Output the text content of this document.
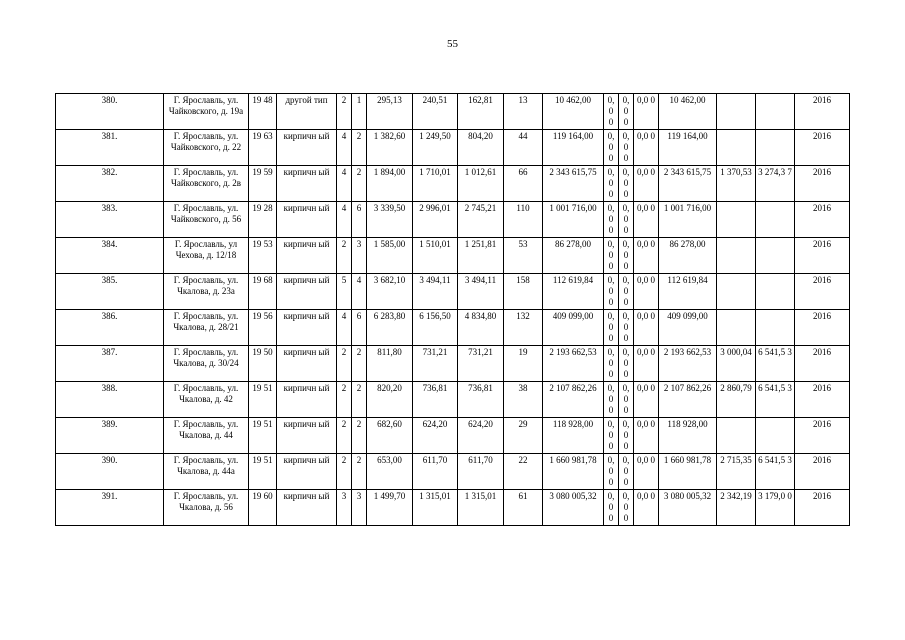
55
380.	Г. Ярославль, ул. Чайковского, д. 19а	19 48	другой тип	2	1	295,13	240,51	162,81	13	10 462,00	0, 0 0	0, 0 0	0,0 0	10 462,00			2016
381.	Г. Ярославль, ул. Чайковского, д. 22	19 63	кирпичн ый	4	2	1 382,60	1 249,50	804,20	44	119 164,00	0, 0 0	0, 0 0	0,0 0	119 164,00			2016
382.	Г. Ярославль, ул. Чайковского, д. 2в	19 59	кирпичн ый	4	2	1 894,00	1 710,01	1 012,61	66	2 343 615,75	0, 0 0	0, 0 0	0,0 0	2 343 615,75	1 370,53	3 274,3 7	2016
383.	Г. Ярославль, ул. Чайковского, д. 56	19 28	кирпичн ый	4	6	3 339,50	2 996,01	2 745,21	110	1 001 716,00	0, 0 0	0, 0 0	0,0 0	1 001 716,00			2016
384.	Г. Ярославль, ул Чехова, д. 12/18	19 53	кирпичн ый	2	3	1 585,00	1 510,01	1 251,81	53	86 278,00	0, 0 0	0, 0 0	0,0 0	86 278,00			2016
385.	Г. Ярославль, ул. Чкалова, д. 23а	19 68	кирпичн ый	5	4	3 682,10	3 494,11	3 494,11	158	112 619,84	0, 0 0	0, 0 0	0,0 0	112 619,84			2016
386.	Г. Ярославль, ул. Чкалова, д. 28/21	19 56	кирпичн ый	4	6	6 283,80	6 156,50	4 834,80	132	409 099,00	0, 0 0	0, 0 0	0,0 0	409 099,00			2016
387.	Г. Ярославль, ул. Чкалова, д. 30/24	19 50	кирпичн ый	2	2	811,80	731,21	731,21	19	2 193 662,53	0, 0 0	0, 0 0	0,0 0	2 193 662,53	3 000,04	6 541,5 3	2016
388.	Г. Ярославль, ул. Чкалова, д. 42	19 51	кирпичн ый	2	2	820,20	736,81	736,81	38	2 107 862,26	0, 0 0	0, 0 0	0,0 0	2 107 862,26	2 860,79	6 541,5 3	2016
389.	Г. Ярославль, ул. Чкалова, д. 44	19 51	кирпичн ый	2	2	682,60	624,20	624,20	29	118 928,00	0, 0 0	0, 0 0	0,0 0	118 928,00			2016
390.	Г. Ярославль, ул. Чкалова, д. 44а	19 51	кирпичн ый	2	2	653,00	611,70	611,70	22	1 660 981,78	0, 0 0	0, 0 0	0,0 0	1 660 981,78	2 715,35	6 541,5 3	2016
391.	Г. Ярославль, ул. Чкалова, д. 56	19 60	кирпичн ый	3	3	1 499,70	1 315,01	1 315,01	61	3 080 005,32	0, 0 0	0, 0 0	0,0 0	3 080 005,32	2 342,19	3 179,0 0	2016
